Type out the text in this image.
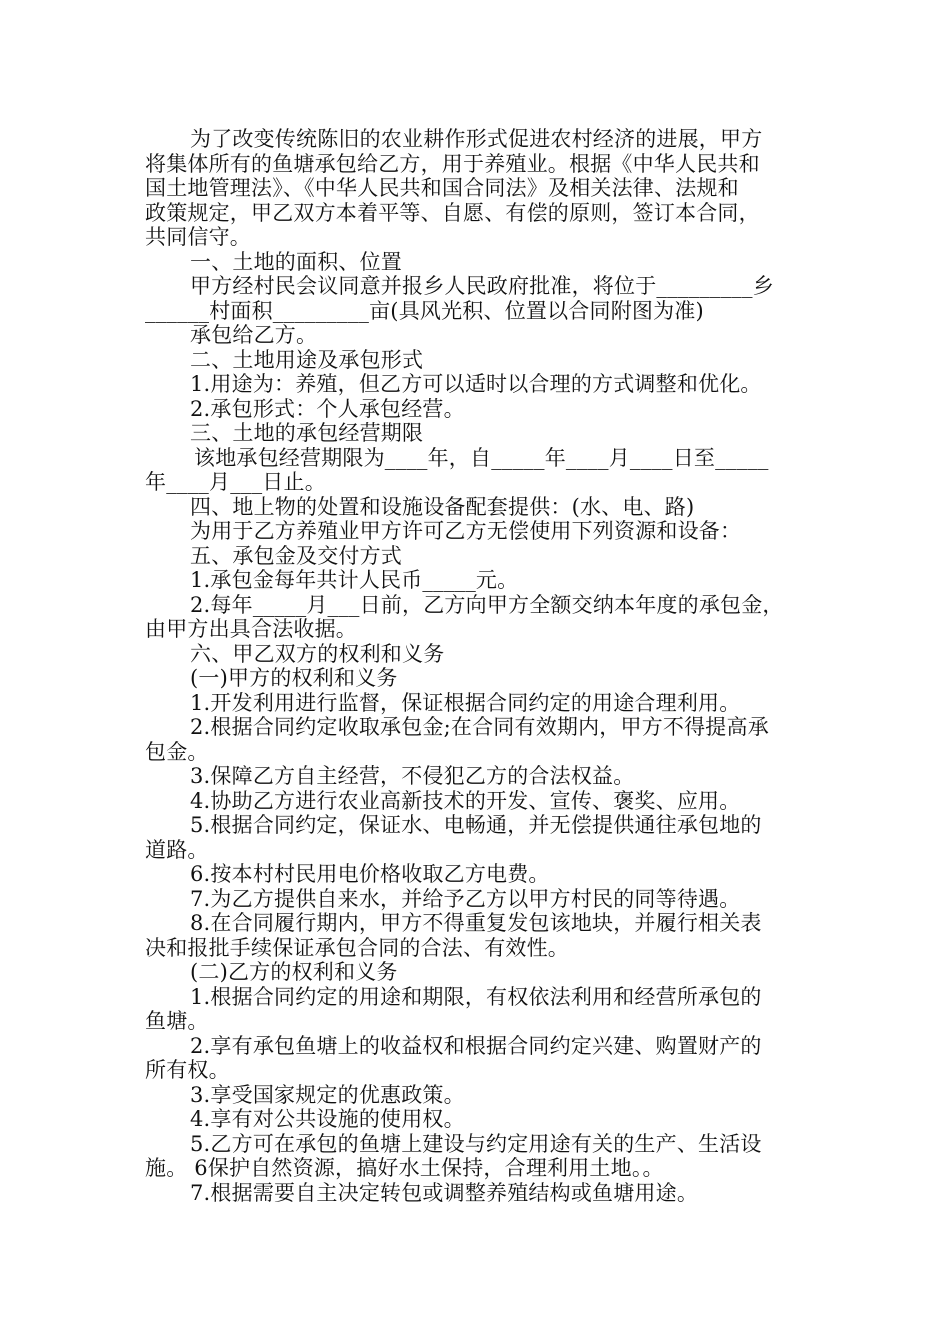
为了改变传统陈旧的农业耕作形式促进农村经济的进展，甲方
将集体所有的鱼塘承包给乙方，用于养殖业。根据《中华人民共和
国土地管理法》、《中华人民共和国合同法》及相关法律、法规和
政策规定，甲乙双方本着平等、自愿、有偿的原则，签订本合同，
共同信守。
一、土地的面积、位置
甲方经村民会议同意并报乡人民政府批准，将位于_________乡
______村面积_________亩(具风光积、位置以合同附图为准)
承包给乙方。
二、土地用途及承包形式
1.用途为：养殖，但乙方可以适时以合理的方式调整和优化。
2.承包形式：个人承包经营。
三、土地的承包经营期限
该地承包经营期限为____年，自_____年____月____日至_____
年____月___日止。
四、地上物的处置和设施设备配套提供：(水、电、路)
为用于乙方养殖业甲方许可乙方无偿使用下列资源和设备：
五、承包金及交付方式
1.承包金每年共计人民币_____元。
2.每年_____月___日前，乙方向甲方全额交纳本年度的承包金，
由甲方出具合法收据。
六、甲乙双方的权利和义务
(一)甲方的权利和义务
1.开发利用进行监督，保证根据合同约定的用途合理利用。
2.根据合同约定收取承包金;在合同有效期内，甲方不得提高承
包金。
3.保障乙方自主经营，不侵犯乙方的合法权益。
4.协助乙方进行农业高新技术的开发、宣传、褒奖、应用。
5.根据合同约定，保证水、电畅通，并无偿提供通往承包地的
道路。
6.按本村村民用电价格收取乙方电费。
7.为乙方提供自来水，并给予乙方以甲方村民的同等待遇。
8.在合同履行期内，甲方不得重复发包该地块，并履行相关表
决和报批手续保证承包合同的合法、有效性。
(二)乙方的权利和义务
1.根据合同约定的用途和期限，有权依法利用和经营所承包的
鱼塘。
2.享有承包鱼塘上的收益权和根据合同约定兴建、购置财产的
所有权。
3.享受国家规定的优惠政策。
4.享有对公共设施的使用权。
5.乙方可在承包的鱼塘上建设与约定用途有关的生产、生活设
施。 6保护自然资源，搞好水土保持，合理利用土地。。
7.根据需要自主决定转包或调整养殖结构或鱼塘用途。
